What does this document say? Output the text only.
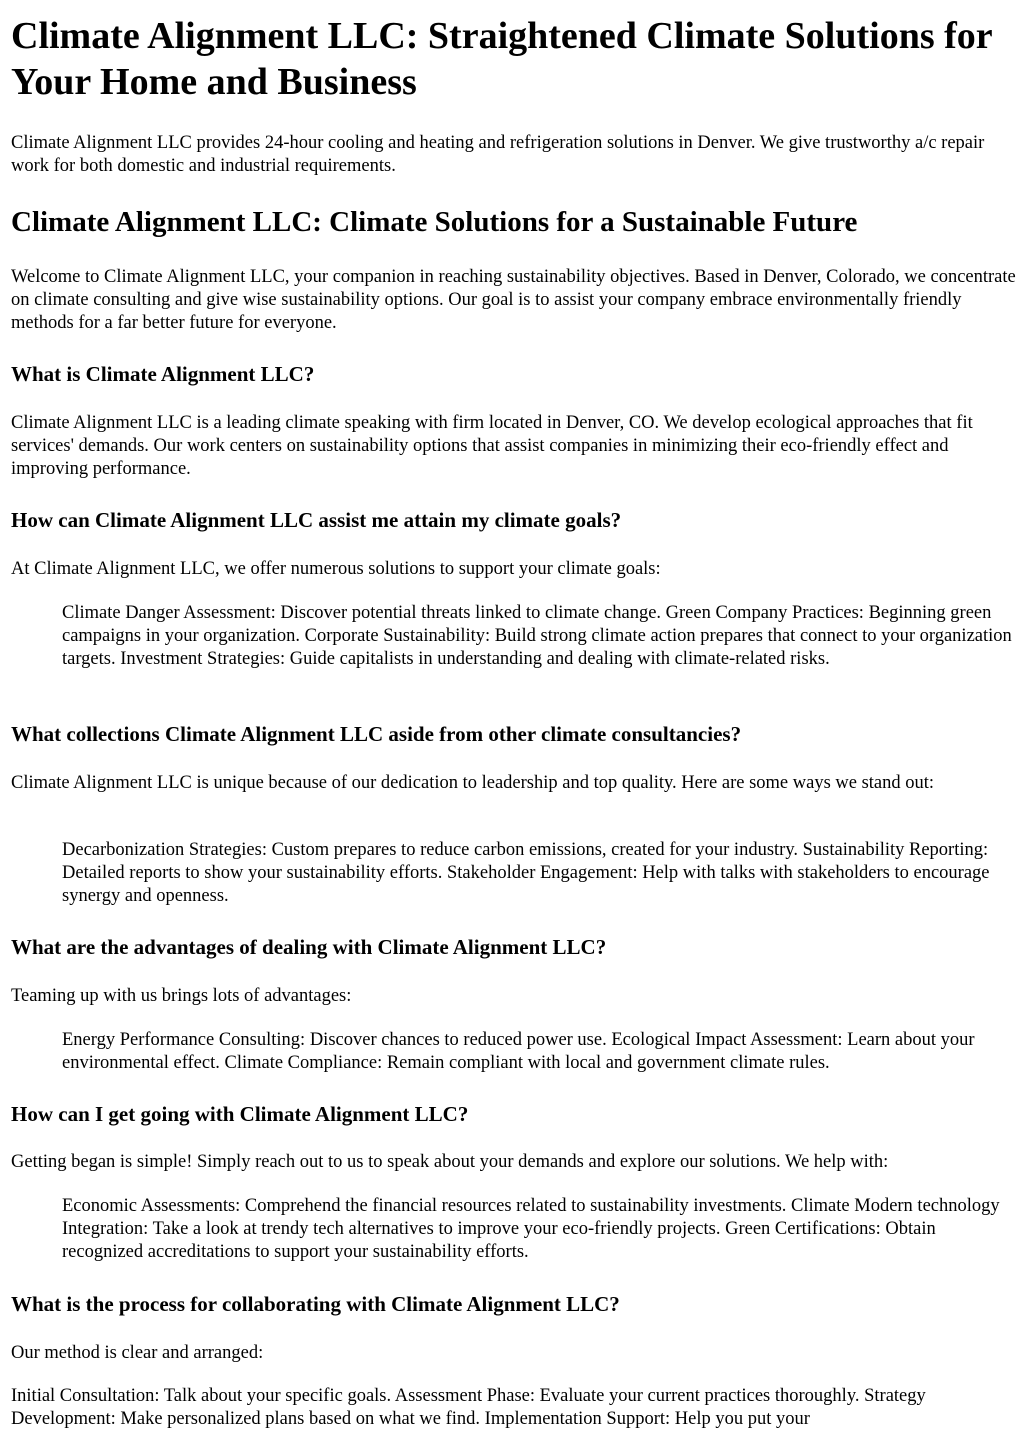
Climate Alignment LLC: Straightened Climate Solutions for Your Home and Business

Climate Alignment LLC provides 24-hour cooling and heating and refrigeration solutions in Denver. We give trustworthy a/c repair work for both domestic and industrial requirements.

Climate Alignment LLC: Climate Solutions for a Sustainable Future

Welcome to Climate Alignment LLC, your companion in reaching sustainability objectives. Based in Denver, Colorado, we concentrate on climate consulting and give wise sustainability options. Our goal is to assist your company embrace environmentally friendly methods for a far better future for everyone.

What is Climate Alignment LLC?

Climate Alignment LLC is a leading climate speaking with firm located in Denver, CO. We develop ecological approaches that fit services' demands. Our work centers on sustainability options that assist companies in minimizing their eco-friendly effect and improving performance.

How can Climate Alignment LLC assist me attain my climate goals?

At Climate Alignment LLC, we offer numerous solutions to support your climate goals:

Climate Danger Assessment: Discover potential threats linked to climate change. Green Company Practices: Beginning green campaigns in your organization. Corporate Sustainability: Build strong climate action prepares that connect to your organization targets. Investment Strategies: Guide capitalists in understanding and dealing with climate-related risks.
What collections Climate Alignment LLC aside from other climate consultancies?

Climate Alignment LLC is unique because of our dedication to leadership and top quality. Here are some ways we stand out:

Decarbonization Strategies: Custom prepares to reduce carbon emissions, created for your industry. Sustainability Reporting: Detailed reports to show your sustainability efforts. Stakeholder Engagement: Help with talks with stakeholders to encourage synergy and openness.
What are the advantages of dealing with Climate Alignment LLC?

Teaming up with us brings lots of advantages:

Energy Performance Consulting: Discover chances to reduced power use. Ecological Impact Assessment: Learn about your environmental effect. Climate Compliance: Remain compliant with local and government climate rules.
How can I get going with Climate Alignment LLC?

Getting began is simple! Simply reach out to us to speak about your demands and explore our solutions. We help with:

Economic Assessments: Comprehend the financial resources related to sustainability investments. Climate Modern technology Integration: Take a look at trendy tech alternatives to improve your eco-friendly projects. Green Certifications: Obtain recognized accreditations to support your sustainability efforts.
What is the process for collaborating with Climate Alignment LLC?

Our method is clear and arranged:

Initial Consultation: Talk about your specific goals. Assessment Phase: Evaluate your current practices thoroughly. Strategy Development: Make personalized plans based on what we find. Implementation Support: Help you put your
